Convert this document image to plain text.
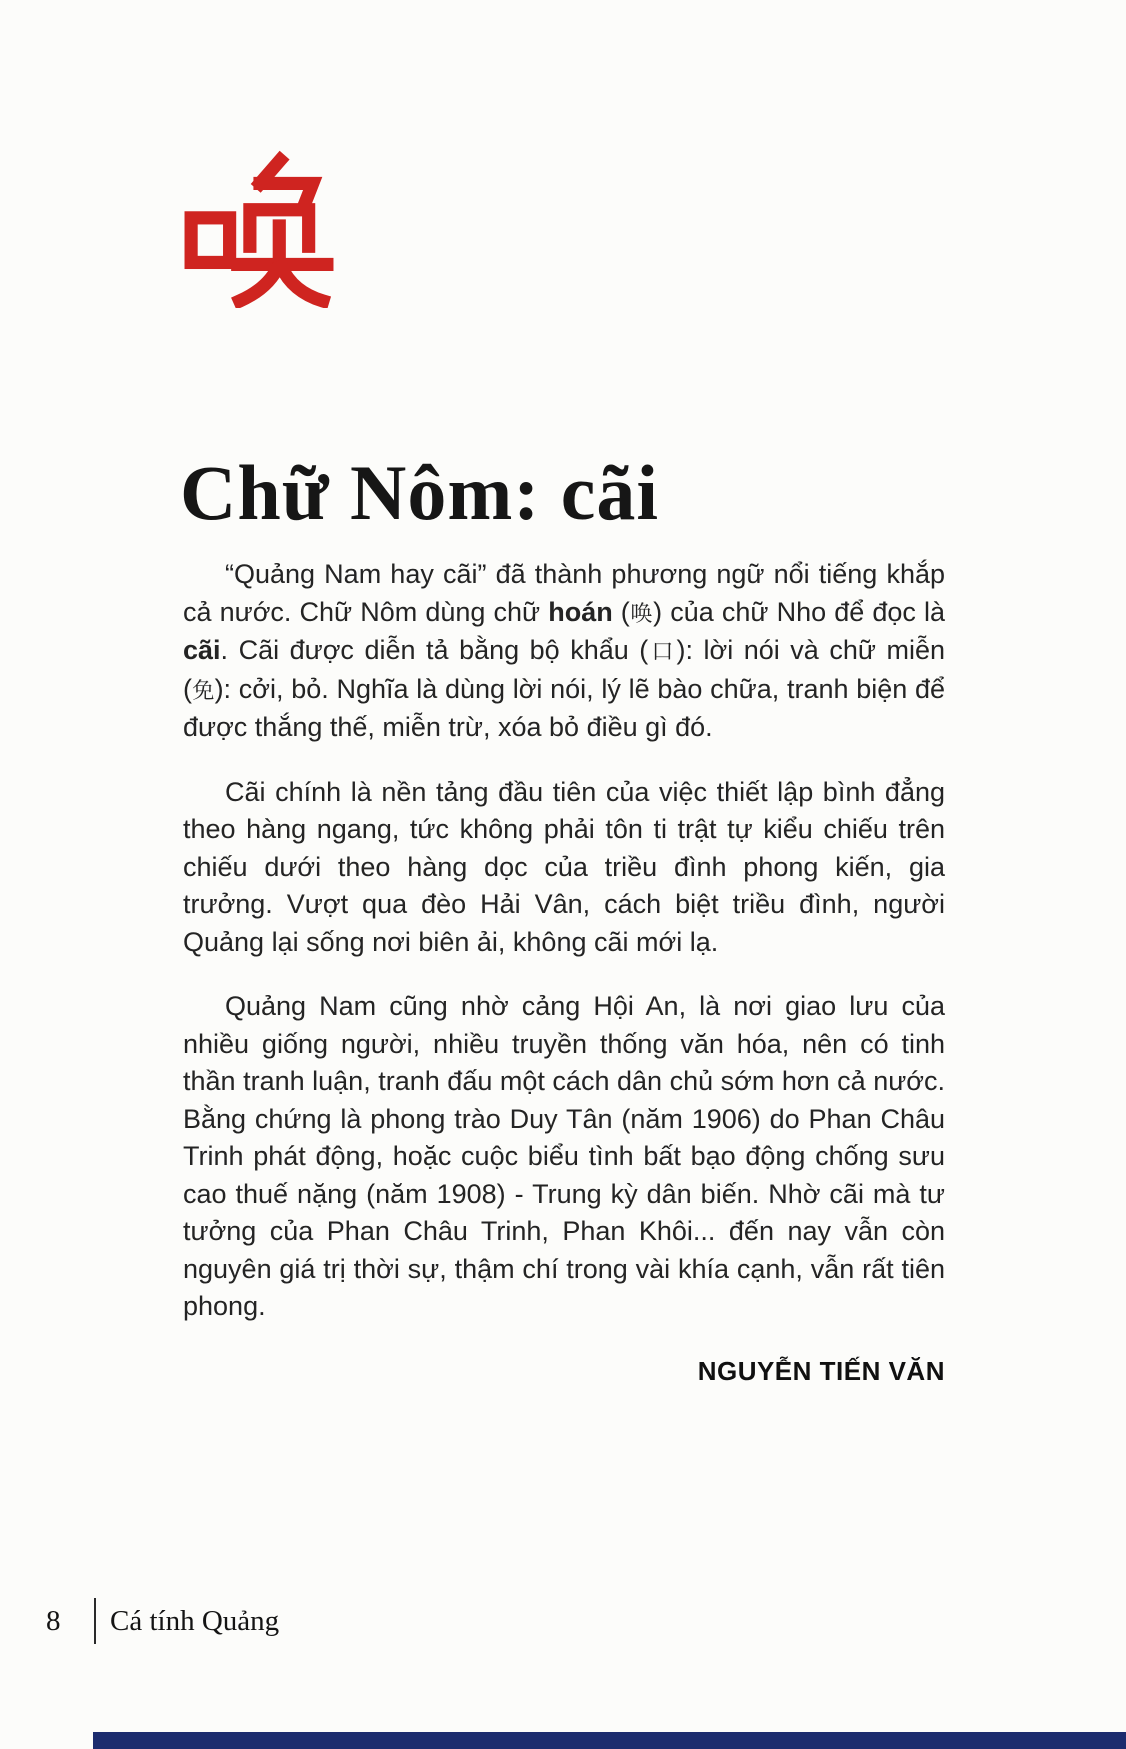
Chữ Nôm: cãi

“Quảng Nam hay cãi” đã thành phương ngữ nổi tiếng khắp cả nước. Chữ Nôm dùng chữ hoán (唤) của chữ Nho để đọc là cãi. Cãi được diễn tả bằng bộ khẩu (口): lời nói và chữ miễn (免): cởi, bỏ. Nghĩa là dùng lời nói, lý lẽ bào chữa, tranh biện để được thắng thế, miễn trừ, xóa bỏ điều gì đó.

Cãi chính là nền tảng đầu tiên của việc thiết lập bình đẳng theo hàng ngang, tức không phải tôn ti trật tự kiểu chiếu trên chiếu dưới theo hàng dọc của triều đình phong kiến, gia trưởng. Vượt qua đèo Hải Vân, cách biệt triều đình, người Quảng lại sống nơi biên ải, không cãi mới lạ.

Quảng Nam cũng nhờ cảng Hội An, là nơi giao lưu của nhiều giống người, nhiều truyền thống văn hóa, nên có tinh thần tranh luận, tranh đấu một cách dân chủ sớm hơn cả nước. Bằng chứng là phong trào Duy Tân (năm 1906) do Phan Châu Trinh phát động, hoặc cuộc biểu tình bất bạo động chống sưu cao thuế nặng (năm 1908) - Trung kỳ dân biến. Nhờ cãi mà tư tưởng của Phan Châu Trinh, Phan Khôi... đến nay vẫn còn nguyên giá trị thời sự, thậm chí trong vài khía cạnh, vẫn rất tiên phong.

NGUYỄN TIẾN VĂN
8	Cá tính Quảng
